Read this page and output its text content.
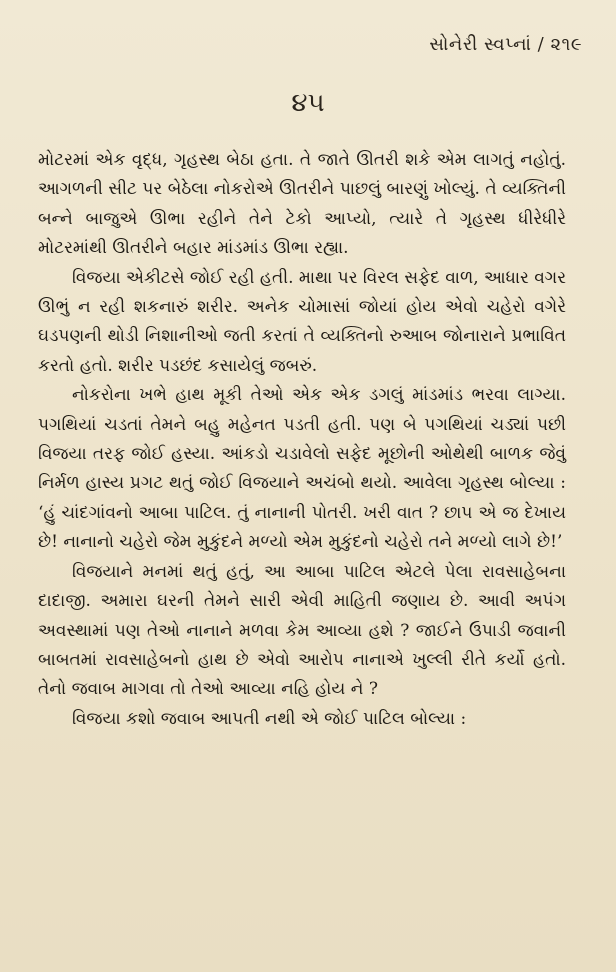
સોનેરી સ્વપ્નાં / ૨૧૯
૪૫

મોટરમાં એક વૃદ્ધ, ગૃહસ્થ બેઠા હતા. તે જાતે ઊતરી શકે એમ લાગતું નહોતું. આગળની સીટ પર બેઠેલા નોકરોએ ઊતરીને પાછલું બારણું ખોલ્યું. તે વ્યક્તિની બન્ને બાજુએ ઊભા રહીને તેને ટેકો આપ્યો, ત્યારે તે ગૃહસ્થ ધીરેધીરે મોટરમાંથી ઊતરીને બહાર માંડમાંડ ઊભા રહ્યા.

વિજયા એકીટસે જોઈ રહી હતી. માથા પર વિરલ સફેદ વાળ, આધાર વગર ઊભું ન રહી શકનારું શરીર. અનેક ચોમાસાં જોયાં હોય એવો ચહેરો વગેરે ઘડપણની થોડી નિશાનીઓ જતી કરતાં તે વ્યક્તિનો રુઆબ જોનારાને પ્રભાવિત કરતો હતો. શરીર પડછંદ કસાયેલું જબરું.

નોકરોના ખભે હાથ મૂકી તેઓ એક એક ડગલું માંડમાંડ ભરવા લાગ્યા. પગથિયાં ચડતાં તેમને બહુ મહેનત પડતી હતી. પણ બે પગથિયાં ચડ્યાં પછી વિજયા તરફ જોઈ હસ્યા. આંકડો ચડાવેલો સફેદ મૂછોની ઓથેથી બાળક જેવું નિર્મળ હાસ્ય પ્રગટ થતું જોઈ વિજયાને અચંબો થયો. આવેલા ગૃહસ્થ બોલ્યા : ‘હું ચાંદગાંવનો આબા પાટિલ. તું નાનાની પોતરી. ખરી વાત ? છાપ એ જ દેખાય છે! નાનાનો ચહેરો જેમ મુકુંદને મળ્યો એમ મુકુંદનો ચહેરો તને મળ્યો લાગે છે!’

વિજયાને મનમાં થતું હતું, આ આબા પાટિલ એટલે પેલા રાવસાહેબના દાદાજી. અમારા ઘરની તેમને સારી એવી માહિતી જણાય છે. આવી અપંગ અવસ્થામાં પણ તેઓ નાનાને મળવા કેમ આવ્યા હશે ? જાઈને ઉપાડી જવાની બાબતમાં રાવસાહેબનો હાથ છે એવો આરોપ નાનાએ ખુલ્લી રીતે કર્યો હતો. તેનો જવાબ માગવા તો તેઓ આવ્યા નહિ હોય ને ?

વિજયા કશો જવાબ આપતી નથી એ જોઈ પાટિલ બોલ્યા :
